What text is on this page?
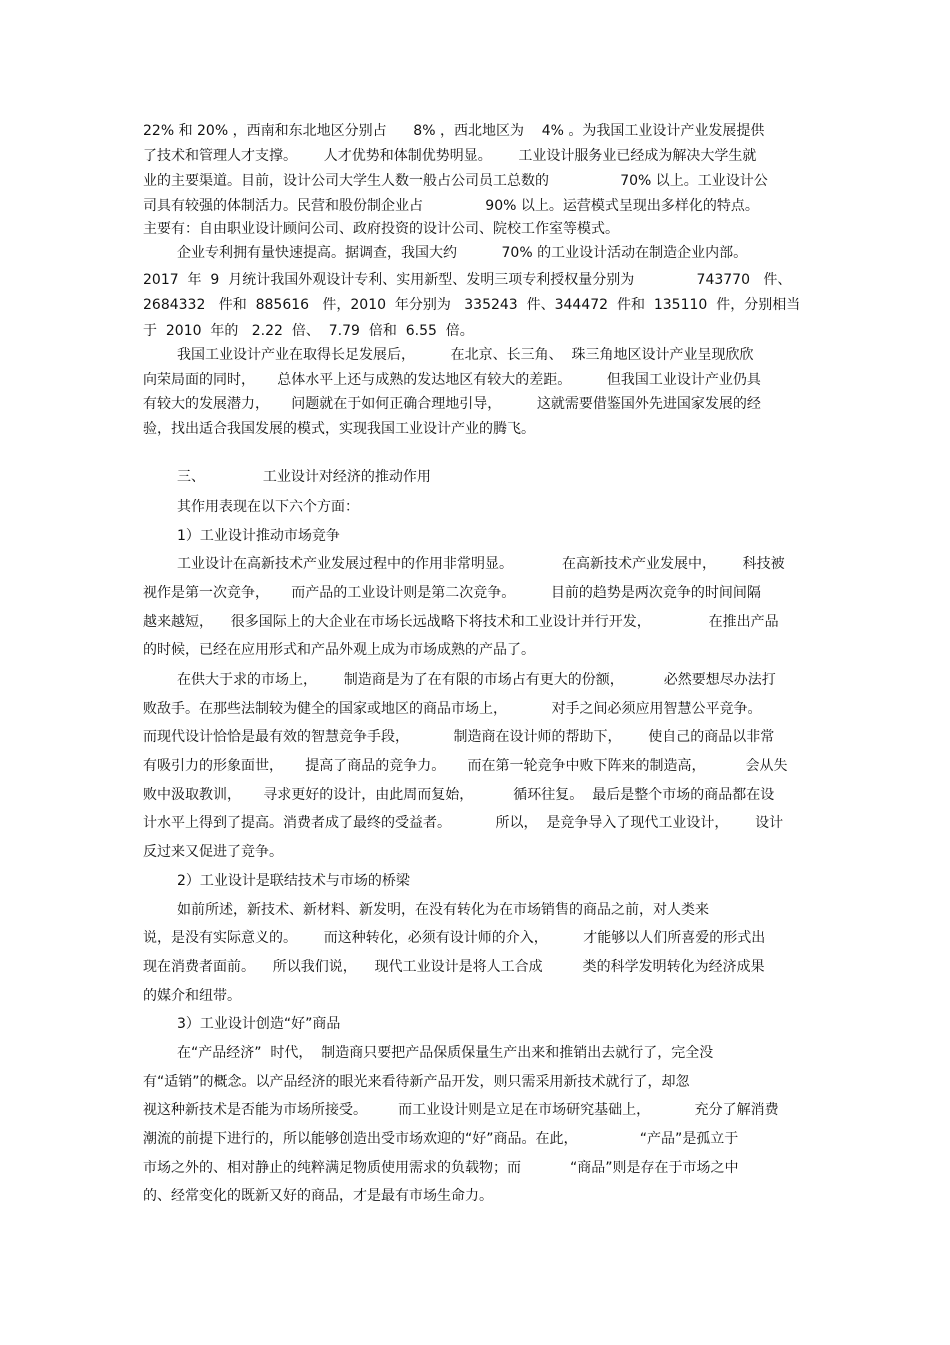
22% 和 20% ，西南和东北地区分别占      8% ，西北地区为    4% 。为我国工业设计产业发展提供
了技术和管理人才支撑。      人才优势和体制优势明显。      工业设计服务业已经成为解决大学生就
业的主要渠道。目前，设计公司大学生人数一般占公司员工总数的                70% 以上。工业设计公
司具有较强的体制活力。民营和股份制企业占              90% 以上。运营模式呈现出多样化的特点。
主要有：自由职业设计顾问公司、政府投资的设计公司、院校工作室等模式。
企业专利拥有量快速提高。据调查，我国大约          70% 的工业设计活动在制造企业内部。
2017  年  9  月统计我国外观设计专利、实用新型、发明三项专利授权量分别为              743770   件、
2684332   件和  885616   件，2010  年分别为   335243  件、344472  件和  135110  件，分别相当
于  2010  年的   2.22  倍、  7.79  倍和  6.55  倍。
我国工业设计产业在取得长足发展后，        在北京、长三角、  珠三角地区设计产业呈现欣欣
向荣局面的同时，     总体水平上还与成熟的发达地区有较大的差距。        但我国工业设计产业仍具
有较大的发展潜力，     问题就在于如何正确合理地引导，        这就需要借鉴国外先进国家发展的经
验，找出适合我国发展的模式，实现我国工业设计产业的腾飞。
三、             工业设计对经济的推动作用
其作用表现在以下六个方面：
1）工业设计推动市场竞争
工业设计在高新技术产业发展过程中的作用非常明显。           在高新技术产业发展中，      科技被
视作是第一次竞争，     而产品的工业设计则是第二次竞争。        目前的趋势是两次竞争的时间间隔
越来越短，    很多国际上的大企业在市场长远战略下将技术和工业设计并行开发，             在推出产品
的时候，已经在应用形式和产品外观上成为市场成熟的产品了。
在供大于求的市场上，      制造商是为了在有限的市场占有更大的份额，         必然要想尽办法打
败敌手。在那些法制较为健全的国家或地区的商品市场上，          对手之间必须应用智慧公平竞争。
而现代设计恰恰是最有效的智慧竞争手段，          制造商在设计师的帮助下，      使自己的商品以非常
有吸引力的形象面世，     提高了商品的竞争力。     而在第一轮竞争中败下阵来的制造高，         会从失
败中汲取教训，     寻求更好的设计，由此周而复始，         循环往复。  最后是整个市场的商品都在设
计水平上得到了提高。消费者成了最终的受益者。          所以，  是竞争导入了现代工业设计，      设计
反过来又促进了竞争。
2）工业设计是联结技术与市场的桥梁
如前所述，新技术、新材料、新发明，在没有转化为在市场销售的商品之前，对人类来
说，是没有实际意义的。      而这种转化，必须有设计师的介入，        才能够以人们所喜爱的形式出
现在消费者面前。    所以我们说，    现代工业设计是将人工合成         类的科学发明转化为经济成果
的媒介和纽带。
3）工业设计创造“好”商品
在“产品经济”  时代，  制造商只要把产品保质保量生产出来和推销出去就行了，完全没
有“适销”的概念。以产品经济的眼光来看待新产品开发，则只需采用新技术就行了，却忽
视这种新技术是否能为市场所接受。       而工业设计则是立足在市场研究基础上，          充分了解消费
潮流的前提下进行的，所以能够创造出受市场欢迎的“好”商品。在此，              “产品”是孤立于
市场之外的、相对静止的纯粹满足物质使用需求的负载物；而           “商品”则是存在于市场之中
的、经常变化的既新又好的商品，才是最有市场生命力。
